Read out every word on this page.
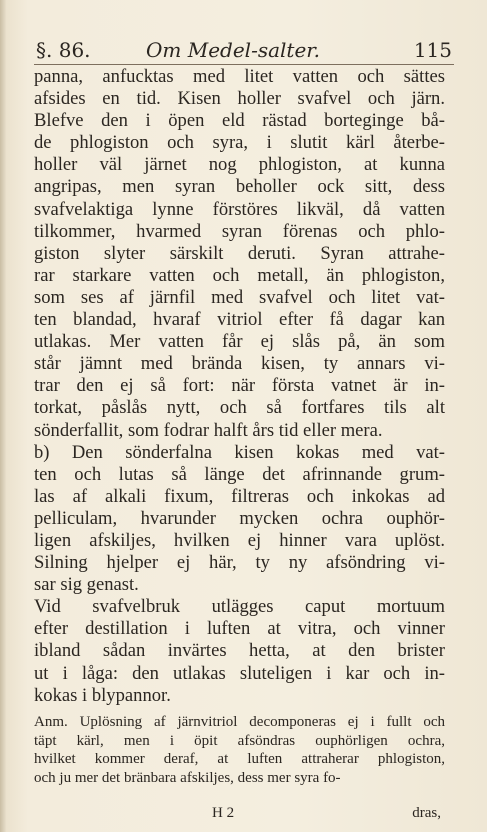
§. 86.	Om Medel-salter.	115
panna, anfucktas med litet vatten och sättes
afsides en tid. Kisen holler svafvel och järn.
Blefve den i öpen eld rästad borteginge bå-
de phlogiston och syra, i slutit kärl återbe-
holler väl järnet nog phlogiston, at kunna
angripas, men syran beholler ock sitt, dess
svafvelaktiga lynne förstöres likväl, då vatten
tilkommer, hvarmed syran förenas och phlo-
giston slyter särskilt deruti. Syran attrahe-
rar starkare vatten och metall, än phlogiston,
som ses af järnfil med svafvel och litet vat-
ten blandad, hvaraf vitriol efter få dagar kan
utlakas. Mer vatten får ej slås på, än som
står jämnt med brända kisen, ty annars vi-
trar den ej så fort: när första vatnet är in-
torkat, påslås nytt, och så fortfares tils alt
sönderfallit, som fodrar halft års tid eller mera.
b) Den sönderfalna kisen kokas med vat-
ten och lutas så länge det afrinnande grum-
las af alkali fixum, filtreras och inkokas ad
pelliculam, hvarunder mycken ochra ouphör-
ligen afskiljes, hvilken ej hinner vara uplöst.
Silning hjelper ej här, ty ny afsöndring vi-
sar sig genast.
Vid svafvelbruk utlägges caput mortuum
efter destillation i luften at vitra, och vinner
ibland sådan invärtes hetta, at den brister
ut i låga: den utlakas sluteligen i kar och in-
kokas i blypannor.
Anm. Uplösning af järnvitriol decomponeras ej i fullt och
täpt kärl, men i öpit afsöndras ouphörligen ochra,
hvilket kommer deraf, at luften attraherar phlogiston,
och ju mer det bränbara afskiljes, dess mer syra fo-
H 2	dras,
